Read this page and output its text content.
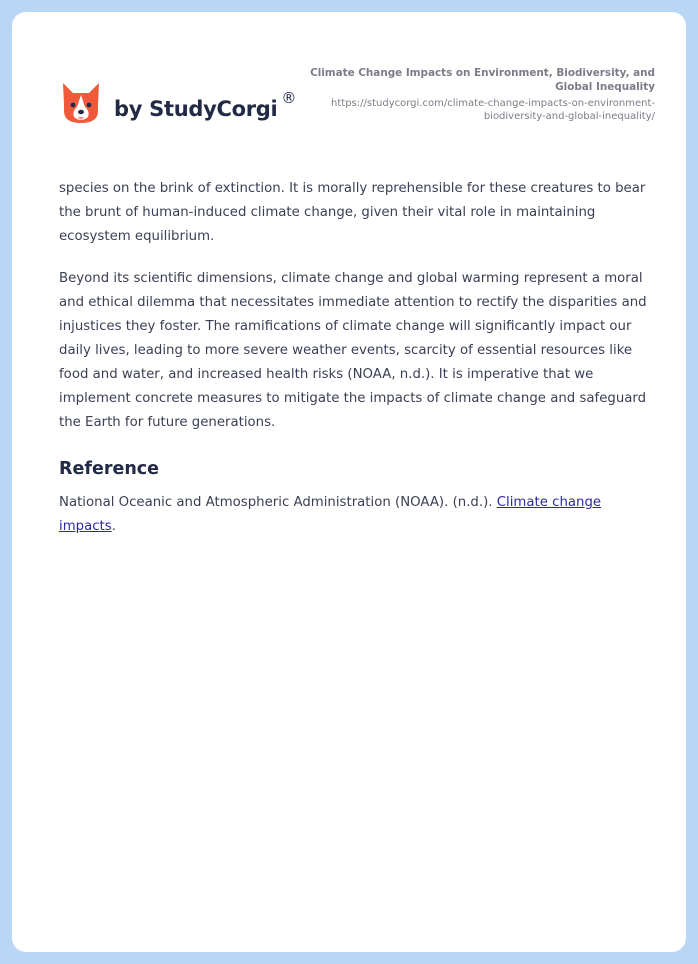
by StudyCorgi ®
Climate Change Impacts on Environment, Biodiversity, and Global Inequality
https://studycorgi.com/climate-change-impacts-on-environment-biodiversity-and-global-inequality/

species on the brink of extinction. It is morally reprehensible for these creatures to bear the brunt of human-induced climate change, given their vital role in maintaining ecosystem equilibrium.

Beyond its scientific dimensions, climate change and global warming represent a moral and ethical dilemma that necessitates immediate attention to rectify the disparities and injustices they foster. The ramifications of climate change will significantly impact our daily lives, leading to more severe weather events, scarcity of essential resources like food and water, and increased health risks (NOAA, n.d.). It is imperative that we implement concrete measures to mitigate the impacts of climate change and safeguard the Earth for future generations.

Reference

National Oceanic and Atmospheric Administration (NOAA). (n.d.). Climate change impacts.
